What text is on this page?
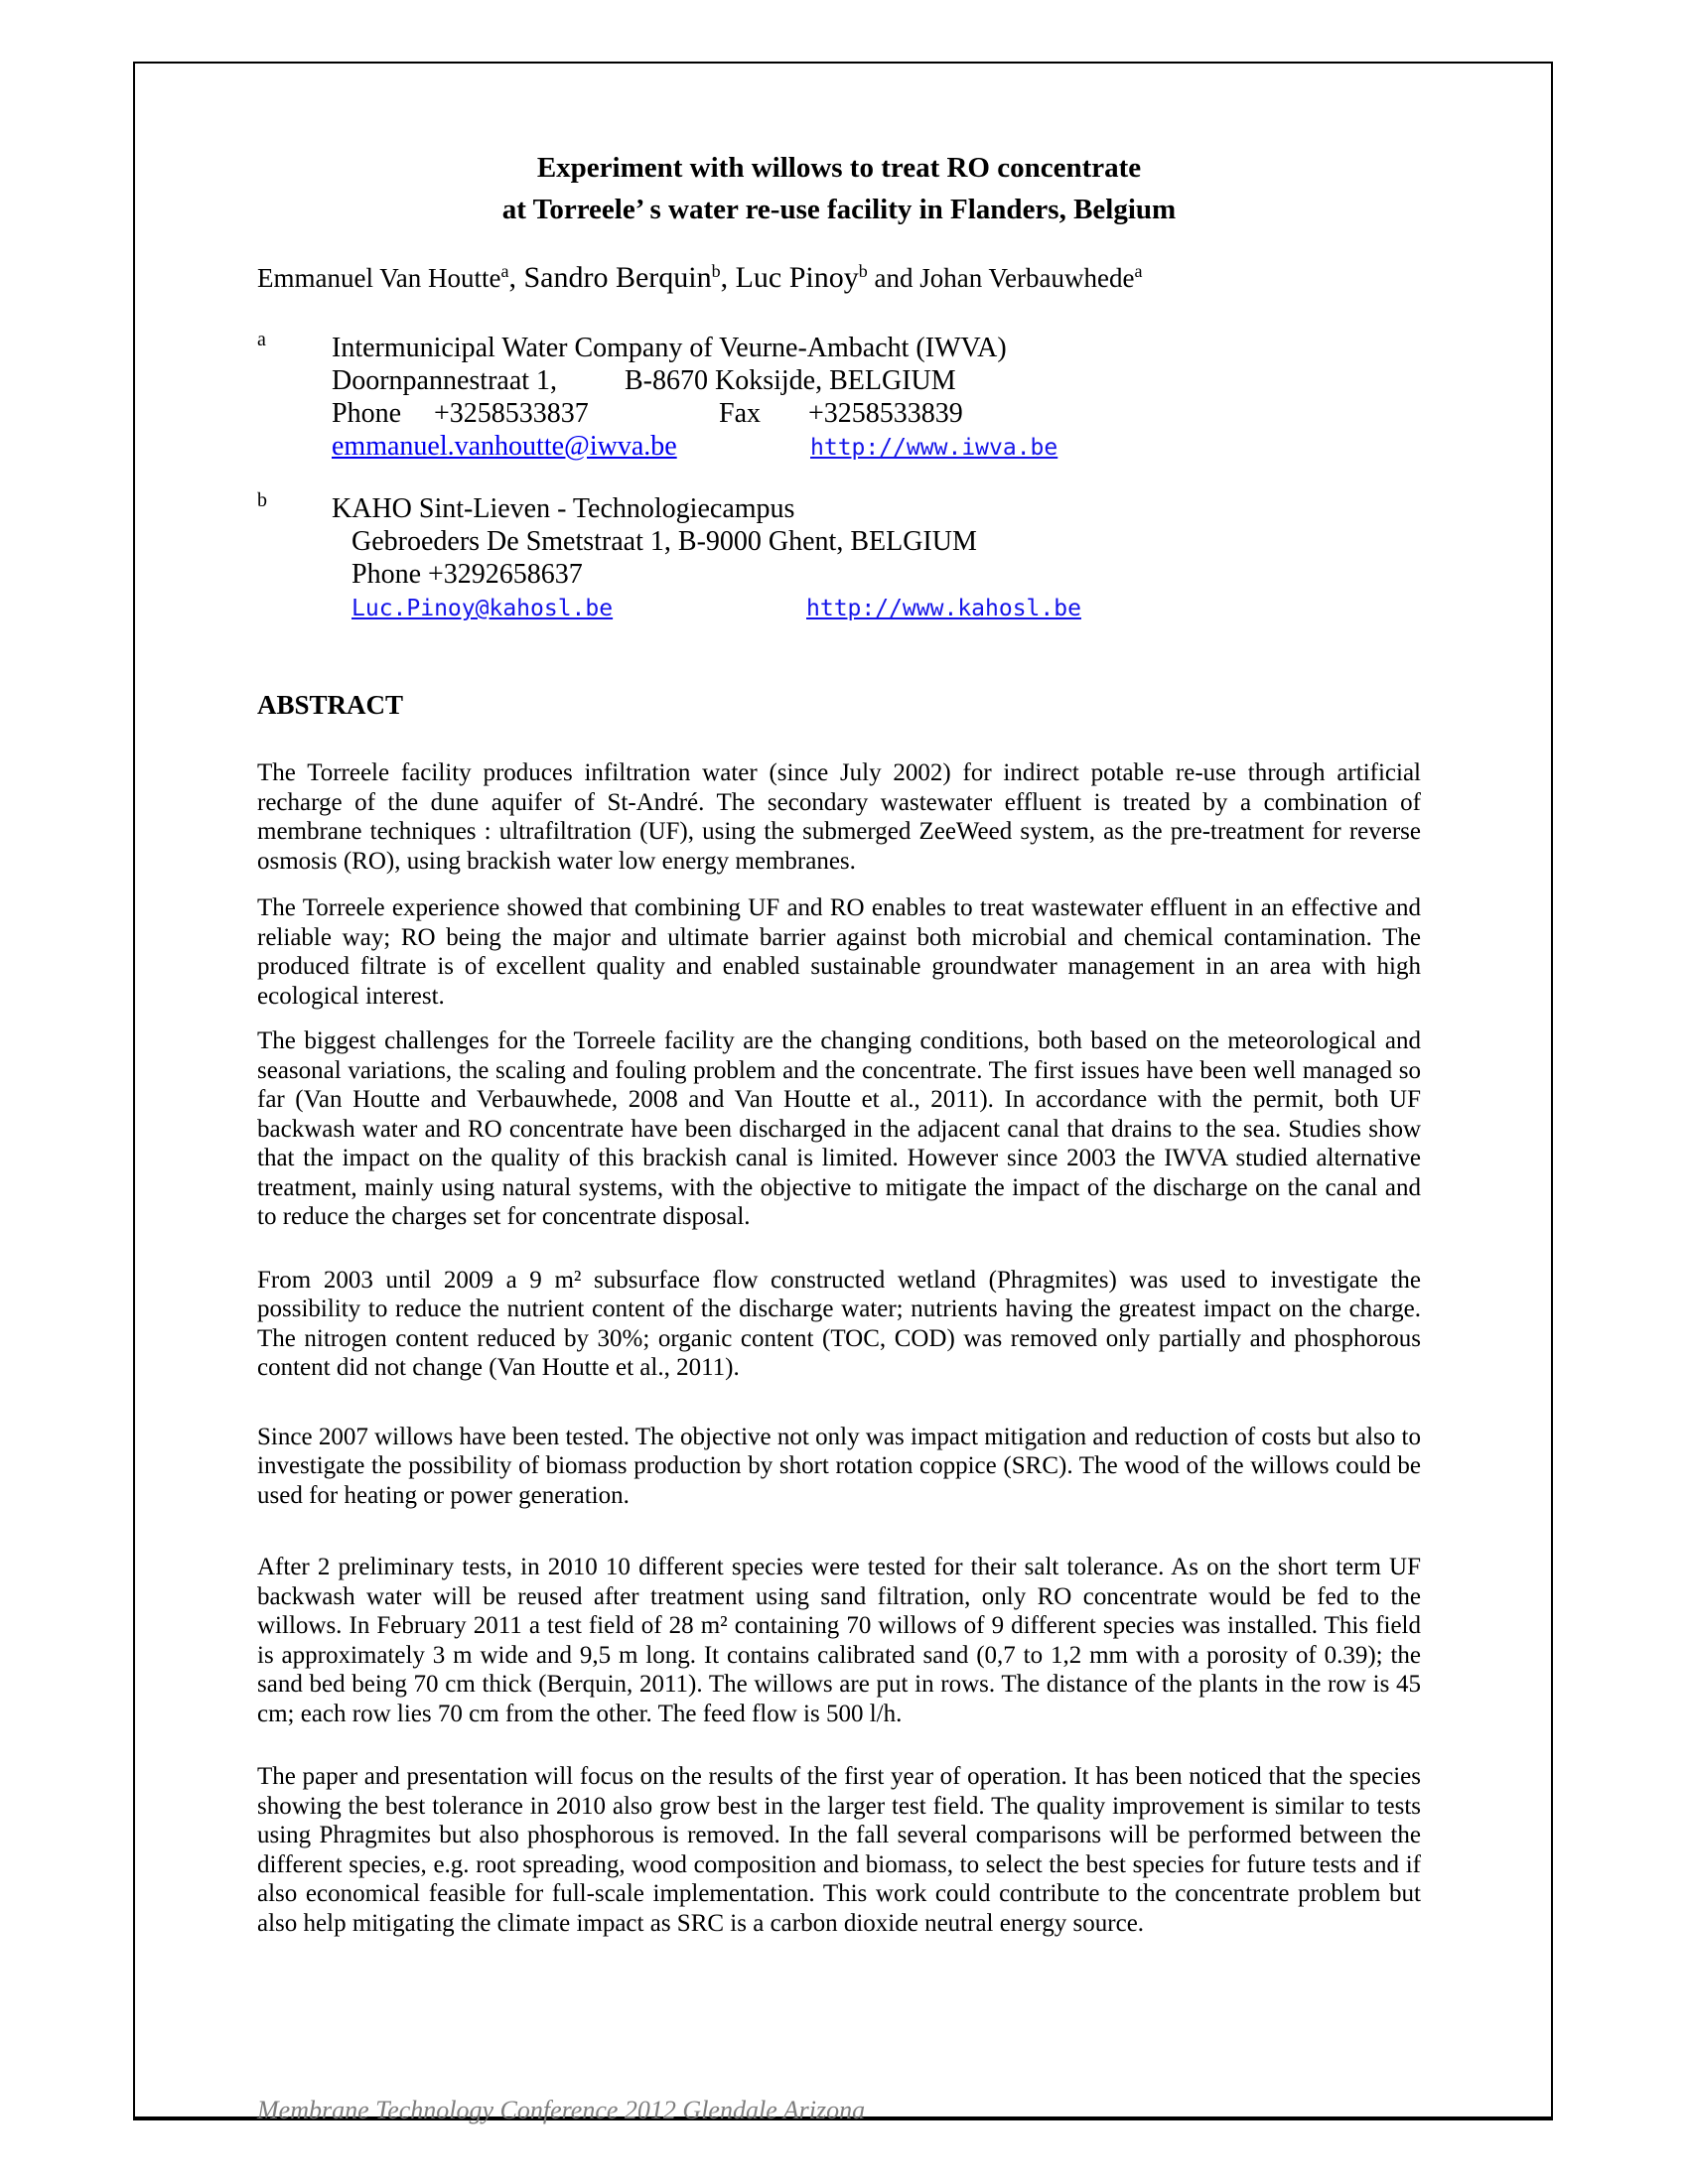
Experiment with willows to treat RO concentrate
at Torreele’ s water re-use facility in Flanders, Belgium
Emmanuel Van Houtte$^a$, Sandro Berquin$^b$, Luc Pinoy$^b$ and Johan Verbauwhede$^a$
a Intermunicipal Water Company of Veurne-Ambacht (IWVA)
Doornpannestraat 1, B-8670 Koksijde, BELGIUM
Phone +3258533837	Fax +3258533839
emmanuel.vanhoutte@iwva.be	http://www.iwva.be
b KAHO Sint-Lieven - Technologiecampus
Gebroeders De Smetstraat 1, B-9000 Ghent, BELGIUM
Phone +3292658637
Luc.Pinoy@kahosl.be	http://www.kahosl.be
ABSTRACT

The Torreele facility produces infiltration water (since July 2002) for indirect potable re-use through artificial recharge of the dune aquifer of St-André. The secondary wastewater effluent is treated by a combination of membrane techniques : ultrafiltration (UF), using the submerged ZeeWeed system, as the pre-treatment for reverse osmosis (RO), using brackish water low energy membranes.

The Torreele experience showed that combining UF and RO enables to treat wastewater effluent in an effective and reliable way; RO being the major and ultimate barrier against both microbial and chemical contamination. The produced filtrate is of excellent quality and enabled sustainable groundwater management in an area with high ecological interest.

The biggest challenges for the Torreele facility are the changing conditions, both based on the meteorological and seasonal variations, the scaling and fouling problem and the concentrate. The first issues have been well managed so far (Van Houtte and Verbauwhede, 2008 and Van Houtte et al., 2011). In accordance with the permit, both UF backwash water and RO concentrate have been discharged in the adjacent canal that drains to the sea. Studies show that the impact on the quality of this brackish canal is limited. However since 2003 the IWVA studied alternative treatment, mainly using natural systems, with the objective to mitigate the impact of the discharge on the canal and to reduce the charges set for concentrate disposal.

From 2003 until 2009 a 9 m² subsurface flow constructed wetland (Phragmites) was used to investigate the possibility to reduce the nutrient content of the discharge water; nutrients having the greatest impact on the charge. The nitrogen content reduced by 30%; organic content (TOC, COD) was removed only partially and phosphorous content did not change (Van Houtte et al., 2011).

Since 2007 willows have been tested. The objective not only was impact mitigation and reduction of costs but also to investigate the possibility of biomass production by short rotation coppice (SRC). The wood of the willows could be used for heating or power generation.

After 2 preliminary tests, in 2010 10 different species were tested for their salt tolerance. As on the short term UF backwash water will be reused after treatment using sand filtration, only RO concentrate would be fed to the willows. In February 2011 a test field of 28 m² containing 70 willows of 9 different species was installed. This field is approximately 3 m wide and 9,5 m long. It contains calibrated sand (0,7 to 1,2 mm with a porosity of 0.39); the sand bed being 70 cm thick (Berquin, 2011). The willows are put in rows. The distance of the plants in the row is 45 cm; each row lies 70 cm from the other. The feed flow is 500 l/h.

The paper and presentation will focus on the results of the first year of operation. It has been noticed that the species showing the best tolerance in 2010 also grow best in the larger test field. The quality improvement is similar to tests using Phragmites but also phosphorous is removed. In the fall several comparisons will be performed between the different species, e.g. root spreading, wood composition and biomass, to select the best species for future tests and if also economical feasible for full-scale implementation. This work could contribute to the concentrate problem but also help mitigating the climate impact as SRC is a carbon dioxide neutral energy source.

Membrane Technology Conference 2012 Glendale Arizona
